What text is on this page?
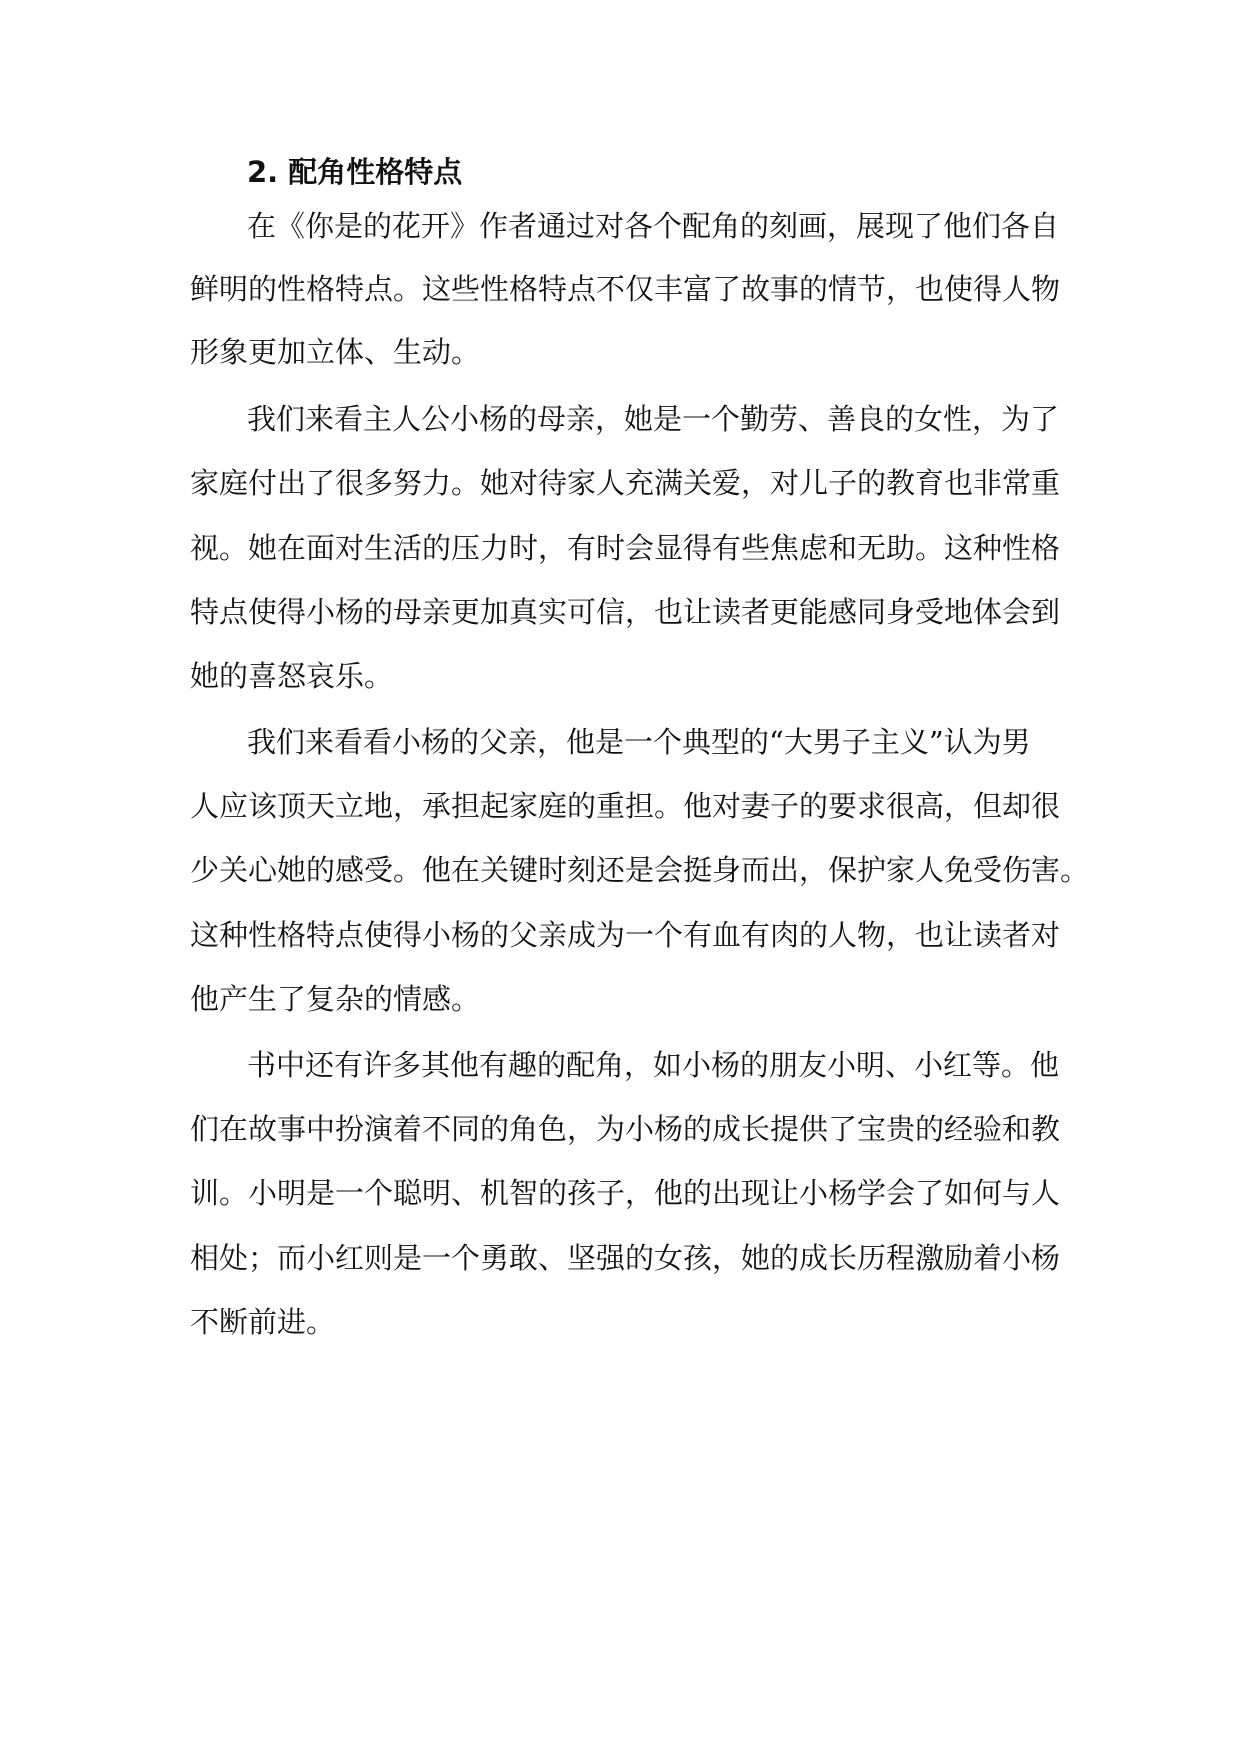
2. 配角性格特点

在《你是的花开》作者通过对各个配角的刻画，展现了他们各自

鲜明的性格特点。这些性格特点不仅丰富了故事的情节，也使得人物

形象更加立体、生动。

我们来看主人公小杨的母亲，她是一个勤劳、善良的女性，为了

家庭付出了很多努力。她对待家人充满关爱，对儿子的教育也非常重

视。她在面对生活的压力时，有时会显得有些焦虑和无助。这种性格

特点使得小杨的母亲更加真实可信，也让读者更能感同身受地体会到

她的喜怒哀乐。

我们来看看小杨的父亲，他是一个典型的“大男子主义”认为男

人应该顶天立地，承担起家庭的重担。他对妻子的要求很高，但却很

少关心她的感受。他在关键时刻还是会挺身而出，保护家人免受伤害。

这种性格特点使得小杨的父亲成为一个有血有肉的人物，也让读者对

他产生了复杂的情感。

书中还有许多其他有趣的配角，如小杨的朋友小明、小红等。他

们在故事中扮演着不同的角色，为小杨的成长提供了宝贵的经验和教

训。小明是一个聪明、机智的孩子，他的出现让小杨学会了如何与人

相处；而小红则是一个勇敢、坚强的女孩，她的成长历程激励着小杨

不断前进。
